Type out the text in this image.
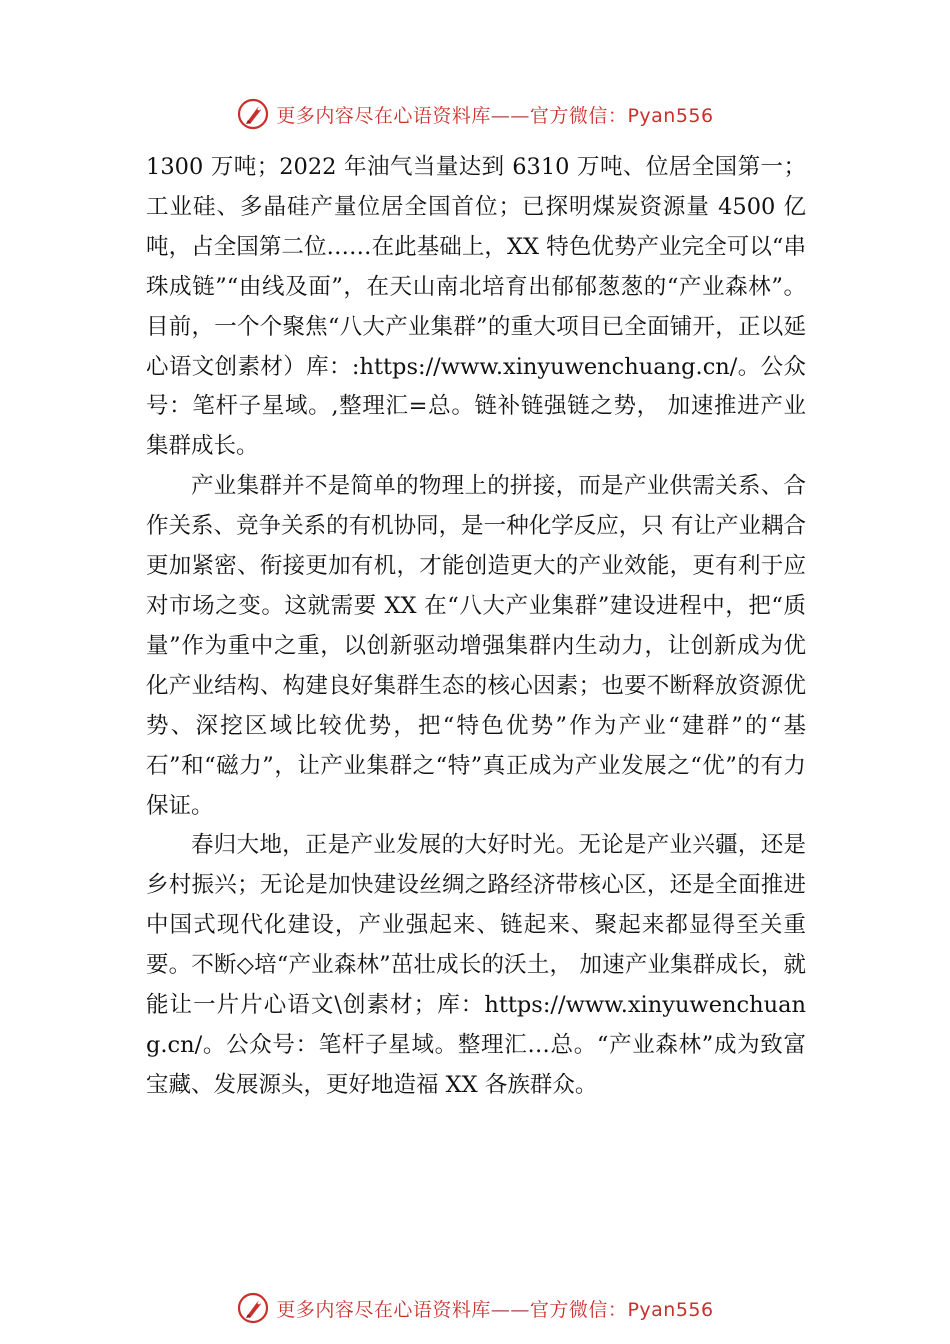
更多内容尽在心语资料库——官方微信：Pyan556

1300 万吨；2022 年油气当量达到 6310 万吨、位居全国第一；工业硅、多晶硅产量位居全国首位；已探明煤炭资源量 4500 亿吨，占全国第二位……在此基础上，XX 特色优势产业完全可以“串珠成链”“由线及面”，在天山南北培育出郁郁葱葱的“产业森林”。目前，一个个聚焦“八大产业集群”的重大项目已全面铺开，正以延心语文创素材）库：:https://www.xinyuwenchuang.cn/。公众号：笔杆子星域。,整理汇=总。链补链强链之势， 加速推进产业集群成长。

产业集群并不是简单的物理上的拼接，而是产业供需关系、合作关系、竞争关系的有机协同，是一种化学反应，只 有让产业耦合更加紧密、衔接更加有机，才能创造更大的产业效能，更有利于应对市场之变。这就需要 XX 在“八大产业集群”建设进程中，把“质量”作为重中之重，以创新驱动增强集群内生动力，让创新成为优化产业结构、构建良好集群生态的核心因素；也要不断释放资源优势、深挖区域比较优势，把“特色优势”作为产业“建群”的“基石”和“磁力”，让产业集群之“特”真正成为产业发展之“优”的有力保证。

春归大地，正是产业发展的大好时光。无论是产业兴疆，还是乡村振兴；无论是加快建设丝绸之路经济带核心区，还是全面推进中国式现代化建设，产业强起来、链起来、聚起来都显得至关重要。不断◇培“产业森林”茁壮成长的沃土， 加速产业集群成长，就能让一片片心语文\创素材；库：https://www.xinyuwenchuang.cn/。公众号：笔杆子星域。整理汇…总。“产业森林”成为致富宝藏、发展源头，更好地造福 XX 各族群众。

更多内容尽在心语资料库——官方微信：Pyan556
